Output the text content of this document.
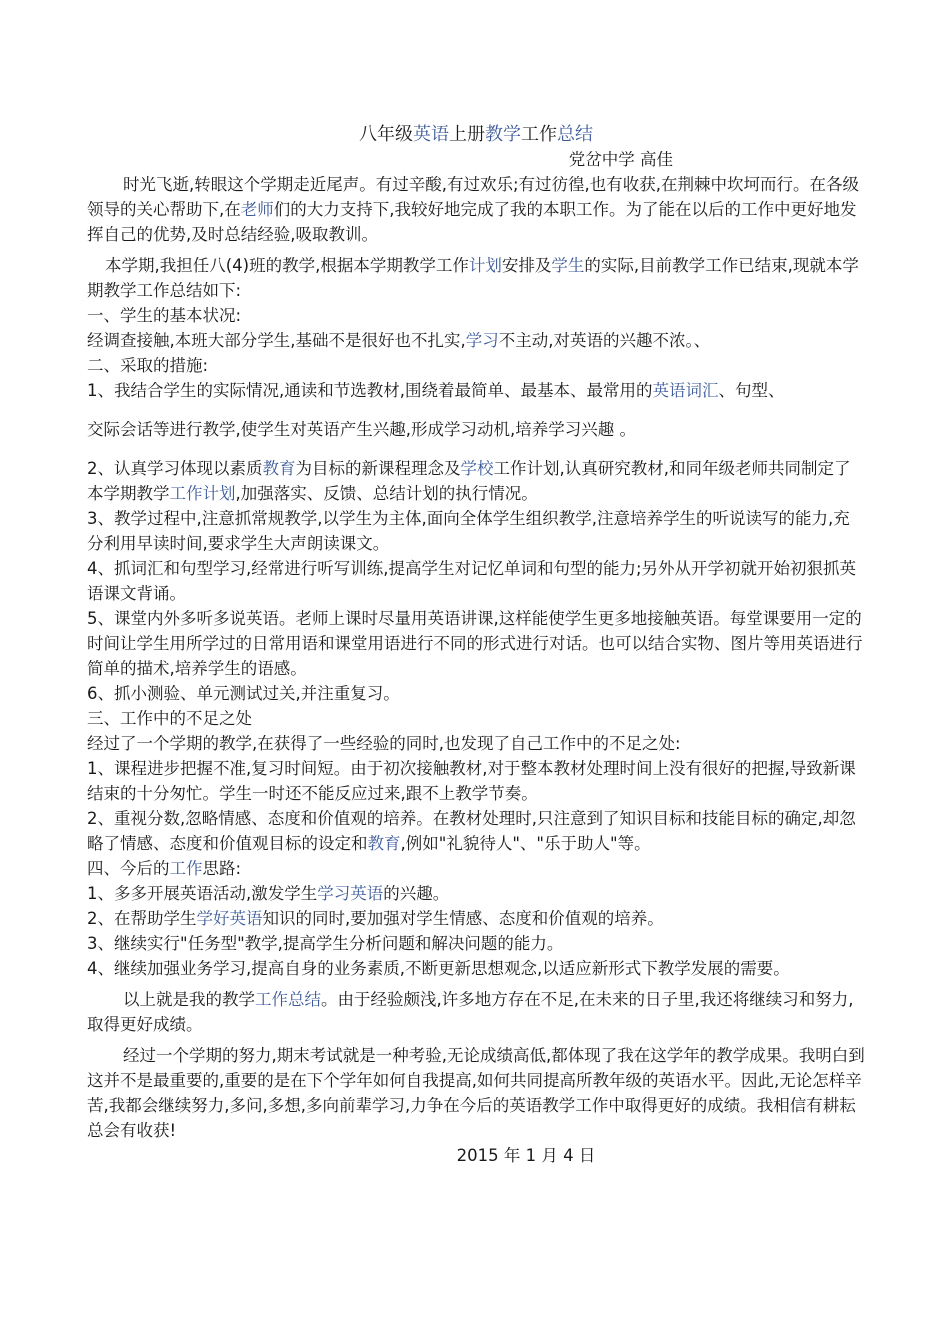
八年级英语上册教学工作总结

党岔中学 高佳

时光飞逝,转眼这个学期走近尾声。有过辛酸,有过欢乐;有过彷徨,也有收获,在荆棘中坎坷而行。在各级领导的关心帮助下,在老师们的大力支持下,我较好地完成了我的本职工作。为了能在以后的工作中更好地发挥自己的优势,及时总结经验,吸取教训。

本学期,我担任八(4)班的教学,根据本学期教学工作计划安排及学生的实际,目前教学工作已结束,现就本学期教学工作总结如下:

一、学生的基本状况:

经调查接触,本班大部分学生,基础不是很好也不扎实,学习不主动,对英语的兴趣不浓。、

二、采取的措施:

1、我结合学生的实际情况,通读和节选教材,围绕着最简单、最基本、最常用的英语词汇、句型、

交际会话等进行教学,使学生对英语产生兴趣,形成学习动机,培养学习兴趣 。

2、认真学习体现以素质教育为目标的新课程理念及学校工作计划,认真研究教材,和同年级老师共同制定了本学期教学工作计划,加强落实、反馈、总结计划的执行情况。

3、教学过程中,注意抓常规教学,以学生为主体,面向全体学生组织教学,注意培养学生的听说读写的能力,充分利用早读时间,要求学生大声朗读课文。

4、抓词汇和句型学习,经常进行听写训练,提高学生对记忆单词和句型的能力;另外从开学初就开始初狠抓英语课文背诵。

5、课堂内外多听多说英语。老师上课时尽量用英语讲课,这样能使学生更多地接触英语。每堂课要用一定的时间让学生用所学过的日常用语和课堂用语进行不同的形式进行对话。也可以结合实物、图片等用英语进行简单的描术,培养学生的语感。

6、抓小测验、单元测试过关,并注重复习。

三、工作中的不足之处

经过了一个学期的教学,在获得了一些经验的同时,也发现了自己工作中的不足之处:

1、课程进步把握不准,复习时间短。由于初次接触教材,对于整本教材处理时间上没有很好的把握,导致新课结束的十分匆忙。学生一时还不能反应过来,跟不上教学节奏。

2、重视分数,忽略情感、态度和价值观的培养。在教材处理时,只注意到了知识目标和技能目标的确定,却忽略了情感、态度和价值观目标的设定和教育,例如"礼貌待人"、"乐于助人"等。

四、今后的工作思路:

1、多多开展英语活动,激发学生学习英语的兴趣。

2、在帮助学生学好英语知识的同时,要加强对学生情感、态度和价值观的培养。

3、继续实行"任务型"教学,提高学生分析问题和解决问题的能力。

4、继续加强业务学习,提高自身的业务素质,不断更新思想观念,以适应新形式下教学发展的需要。

以上就是我的教学工作总结。由于经验颇浅,许多地方存在不足,在未来的日子里,我还将继续习和努力,取得更好成绩。

经过一个学期的努力,期末考试就是一种考验,无论成绩高低,都体现了我在这学年的教学成果。我明白到这并不是最重要的,重要的是在下个学年如何自我提高,如何共同提高所教年级的英语水平。因此,无论怎样辛苦,我都会继续努力,多问,多想,多向前辈学习,力争在今后的英语教学工作中取得更好的成绩。我相信有耕耘总会有收获!

2015 年 1 月 4 日
